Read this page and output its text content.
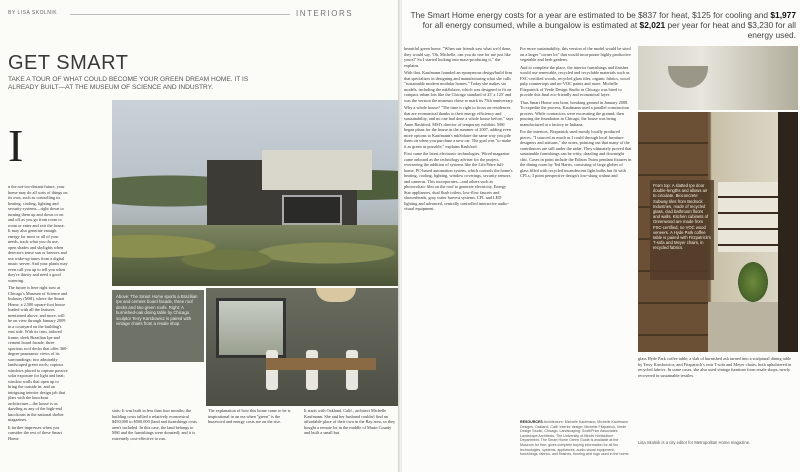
BY LISA SKOLNIK	INTERIORS
GET SMART
TAKE A TOUR OF WHAT COULD BECOME YOUR GREEN DREAM HOME. IT IS ALREADY BUILT—AT THE MUSEUM OF SCIENCE AND INDUSTRY.
I

n the not-too-distant-future, your home may do all sorts of things on its own, such as controlling its heating, cooling, lighting and security systems—right down to turning them up and down or on and off as you go from room to room or enter and exit the house. It may also generate enough energy for most or all of your needs, track what you do use, open shades and skylights when detectors sense sun or breezes and use wake-up tunes from a digital music server. And your plants may even call you up to tell you when they're thirsty and need a good watering.

The future is here right now at Chicago's Museum of Science and Industry (MSI), where the Smart Home, a 2,500 square-foot house loaded with all the features mentioned above, and more, will be on view through January 2009 in a courtyard on the building's east side. With its trim, tailored frame; sleek Brazilian Ipe and cement board facade; three spacious roof decks that offer 360-degree panoramic views of its surroundings; two admirably landscaped green roofs; copious windows placed to capture passive solar exposure for light and heat; window walls that open up to bring the outside in; and an intriguing interior design job that jibes with the knockout architecture—the house is as dazzling as any of the high-end knockouts in the national shelter magazines.

It further impresses when you consider the rest of these Smart Home

Above: The Smart Home sports a Brazilian Ipe and cement board facade, three roof decks and two green roofs. Right: A burnished-oak dining table by Chicago sculptor Terry Karsbowicz is paired with vintage chairs from a resale shop.

stats: It was built in less than four months; the building costs tallied a relatively economical $450,000 to $500,000 (land and furnishings costs aren't included. In this case, the land belongs to MSI and the furnishings were donated); and it is extremely cost-effective to run.

The explanation of how this home came to be is inspirational in an era when "green" is the buzzword and energy costs are on the rise.

It starts with Oakland, Calif., architect Michelle Kaufmann. She and her husband couldn't find an affordable place of their own in the Bay area, so they bought a remote lot in the middle of Marin County and built a small but

The Smart Home energy costs for a year are estimated to be $837 for heat, $125 for cooling and $1,977 for all energy consumed, while a bungalow is estimated at $2,021 per year for heat and $3,230 for all energy used.

beautiful green home. "When our friends saw what we'd done, they would say, 'Oh, Michelle, can you do one for me just like yours?' So I started looking into mass-producing it," she explains.

With that, Kaufmann founded an eponymous design/build firm that specializes in designing and manufacturing what she calls "sustainable modern modular homes." Today she makes six models, including the mkSolaire, which was designed to fit on compact urban lots like the Chicago standard of 25' x 125' and was the version the museum chose to mark its 75th anniversary.

Why a whole house? "The time is right to focus on residences that are economical thanks to their energy efficiency and sustainability, and no one had done a whole house before," says Anne Rashford, MSI's director of temporary exhibits. MSI began plans for the house in the summer of 2007, adding even more options to Kaufmann's mkSolaire the same way you pile them on when you purchase a new car. The goal was "to make it as green as possible," explains Rashford.

First came the latest electronic technologies. Wired magazine came onboard as the technology adviser for the project, overseeing the addition of systems like the Life/Ware full-home, PC-based automation system, which controls the home's heating, cooling, lighting, window coverings, security sensors and cameras. This incorporates—and others such as photovoltaic film on the roof to generate electricity, Energy Star appliances, dual flush toilets, low-flow faucets and showerheads, gray water harvest systems, CFL and LED lighting and advanced, centrally controlled interactive audio-visual equipment.

For more sustainability, this version of the model would be sited on a larger "corner lot" that would incorporate highly productive vegetable and herb gardens.

And to complete the place, the interior furnishings and finishes would use renewable, recycled and recyclable materials such as FSC-certified woods, recycled glass tiles, organic fabrics, wood pulp countertops and no-VOC paints and more. Michelle Fitzpatrick of Verde Design Studio in Chicago was hired to provide this final eco-friendly and economical layer.

Thus Smart Home was born, breaking ground in January 2008. To expedite the process, Kaufmann used a parallel construction process. While contractors were excavating the ground, then pouring the foundation in Chicago, the house was being manufactured at a factory in Indiana.

For the interiors, Fitzpatrick used mostly locally produced pieces. "I sourced as much as I could through local furniture designers and artisans," she notes, pointing out that many of the contributors are still under the radar. They ultimately proved that sustainable furnishings can be witty, dazzling and downright chic. Cases in point include the Edison Twins pendant fixtures in the dining room by Ted Harris, consisting of large globes of glass filled with recycled incandescent light bulbs but fit with CFLs; 3 point perspective design's low-slung walnut and

RESOURCES Architecture: Michelle Kaufmann, Michelle Kaufmann Designs, Oakland, Calif. Interior design: Michelle Fitzpatrick, Verde Design Studio, Chicago. Landscaping: Scott/Price Associates Landscape Architects, The University of Illinois Horticulture Department. The Smart Home Green Guide is available at the Museum for free; gives complete buying information for all the technologies, systems, appliances, audio-visual equipment, furnishings, fabrics, and finishes, flooring and rugs used in the home.
From top: A slatted Ipe door double-lengths and allows air to circulate. Bioconcrete Subway tiles from Bedrock Industries, made of recycled glass, clad bathroom floors and walls. Kitchen cabinets of Greenwood are made from FSC-certified, no VOC wood veneers. A Hyde Park coffee table is paired with Fitzpatrick's T-sofa and Meyer chairs, in recycled fabrics.

glass Hyde Park coffee table; a slab of burnished ash turned into a sculptural dining table by Terry Karsbowicz; and Fitzpatrick's own T-sofa and Meyer chairs, both upholstered in recycled fabrics. In some cases, she also used vintage furniture from resale shops, newly recovered in sustainable textiles.

Lisa Skolnik is a city editor for Metropolitan Home magazine.
